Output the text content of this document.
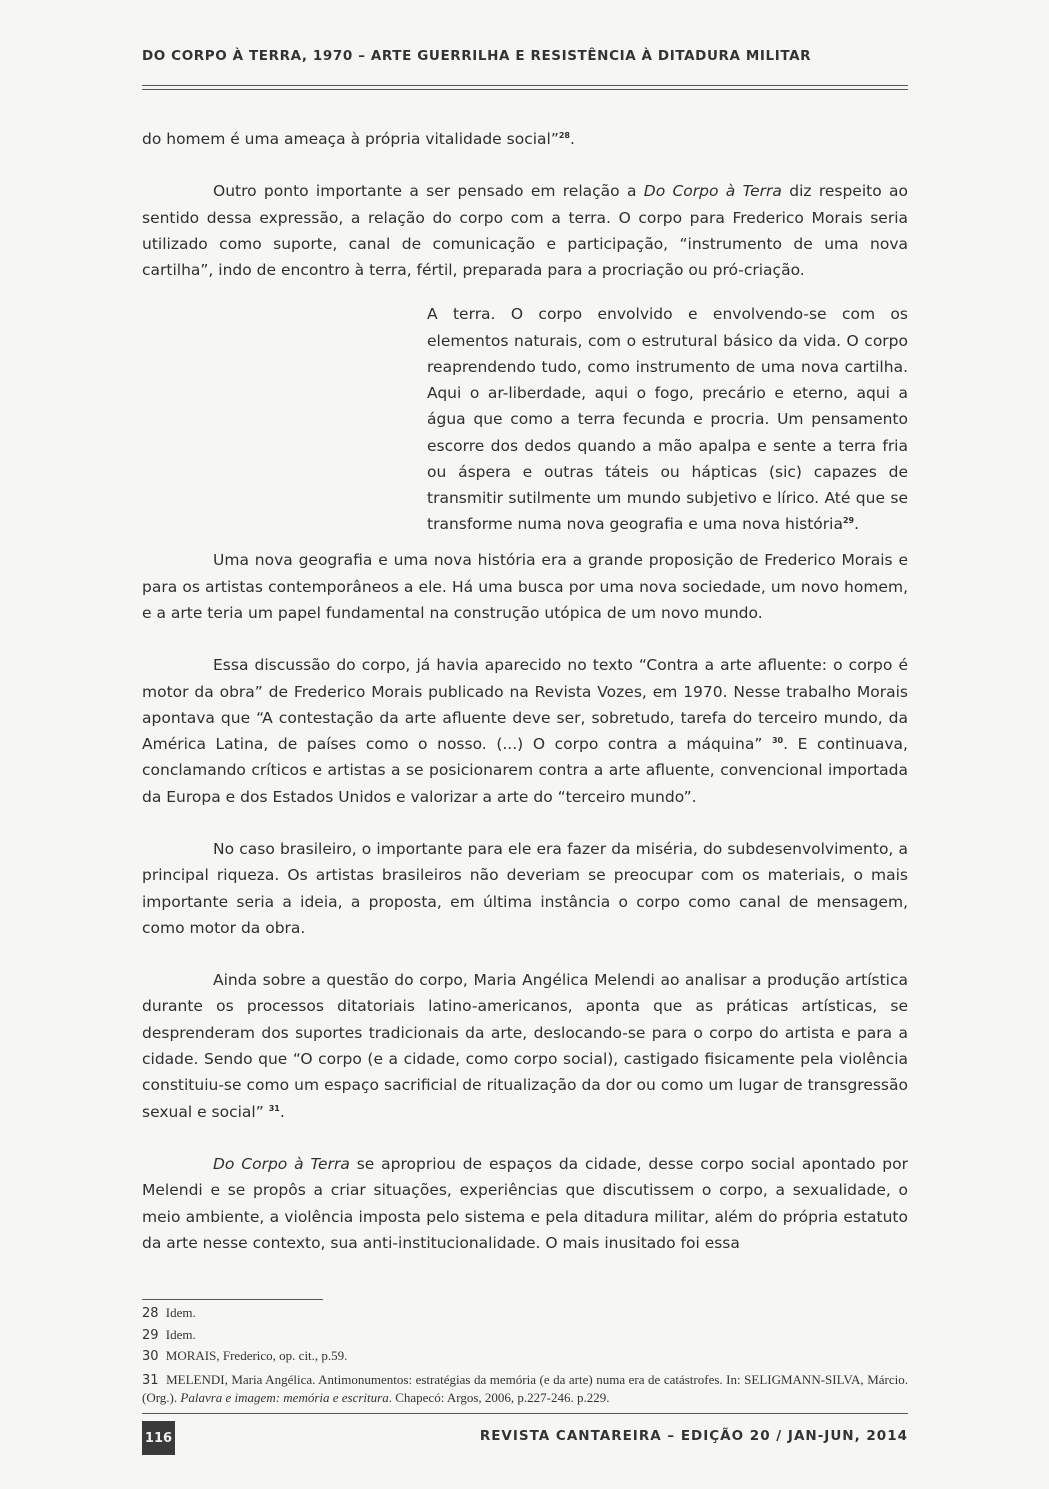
DO CORPO À TERRA, 1970 – ARTE GUERRILHA E RESISTÊNCIA À DITADURA MILITAR

do homem é uma ameaça à própria vitalidade social”$^{28}$.

Outro ponto importante a ser pensado em relação a Do Corpo à Terra diz respeito ao sentido dessa expressão, a relação do corpo com a terra. O corpo para Frederico Morais seria utilizado como suporte, canal de comunicação e participação, “instrumento de uma nova cartilha”, indo de encontro à terra, fértil, preparada para a procriação ou pró-criação.

A terra. O corpo envolvido e envolvendo-se com os elementos naturais, com o estrutural básico da vida. O corpo reaprendendo tudo, como instrumento de uma nova cartilha. Aqui o ar-liberdade, aqui o fogo, precário e eterno, aqui a água que como a terra fecunda e procria. Um pensamento escorre dos dedos quando a mão apalpa e sente a terra fria ou áspera e outras táteis ou hápticas (sic) capazes de transmitir sutilmente um mundo subjetivo e lírico. Até que se transforme numa nova geografia e uma nova história$^{29}$.

Uma nova geografia e uma nova história era a grande proposição de Frederico Morais e para os artistas contemporâneos a ele. Há uma busca por uma nova sociedade, um novo homem, e a arte teria um papel fundamental na construção utópica de um novo mundo.

Essa discussão do corpo, já havia aparecido no texto “Contra a arte afluente: o corpo é motor da obra” de Frederico Morais publicado na Revista Vozes, em 1970. Nesse trabalho Morais apontava que “A contestação da arte afluente deve ser, sobretudo, tarefa do terceiro mundo, da América Latina, de países como o nosso. (...) O corpo contra a máquina” $^{30}$. E continuava, conclamando críticos e artistas a se posicionarem contra a arte afluente, convencional importada da Europa e dos Estados Unidos e valorizar a arte do “terceiro mundo”.

No caso brasileiro, o importante para ele era fazer da miséria, do subdesenvolvimento, a principal riqueza. Os artistas brasileiros não deveriam se preocupar com os materiais, o mais importante seria a ideia, a proposta, em última instância o corpo como canal de mensagem, como motor da obra.

Ainda sobre a questão do corpo, Maria Angélica Melendi ao analisar a produção artística durante os processos ditatoriais latino-americanos, aponta que as práticas artísticas, se desprenderam dos suportes tradicionais da arte, deslocando-se para o corpo do artista e para a cidade. Sendo que “O corpo (e a cidade, como corpo social), castigado fisicamente pela violência constituiu-se como um espaço sacrificial de ritualização da dor ou como um lugar de transgressão sexual e social” $^{31}$.

Do Corpo à Terra se apropriou de espaços da cidade, desse corpo social apontado por Melendi e se propôs a criar situações, experiências que discutissem o corpo, a sexualidade, o meio ambiente, a violência imposta pelo sistema e pela ditadura militar, além do própria estatuto da arte nesse contexto, sua anti-institucionalidade. O mais inusitado foi essa

28 Idem.

29 Idem.

30 MORAIS, Frederico, op. cit., p.59.

31 MELENDI, Maria Angélica. Antimonumentos: estratégias da memória (e da arte) numa era de catástrofes. In: SELIGMANN-SILVA, Márcio. (Org.). Palavra e imagem: memória e escritura. Chapecó: Argos, 2006, p.227-246. p.229.

116	REVISTA CANTAREIRA – EDIÇÃO 20 / JAN-JUN, 2014
